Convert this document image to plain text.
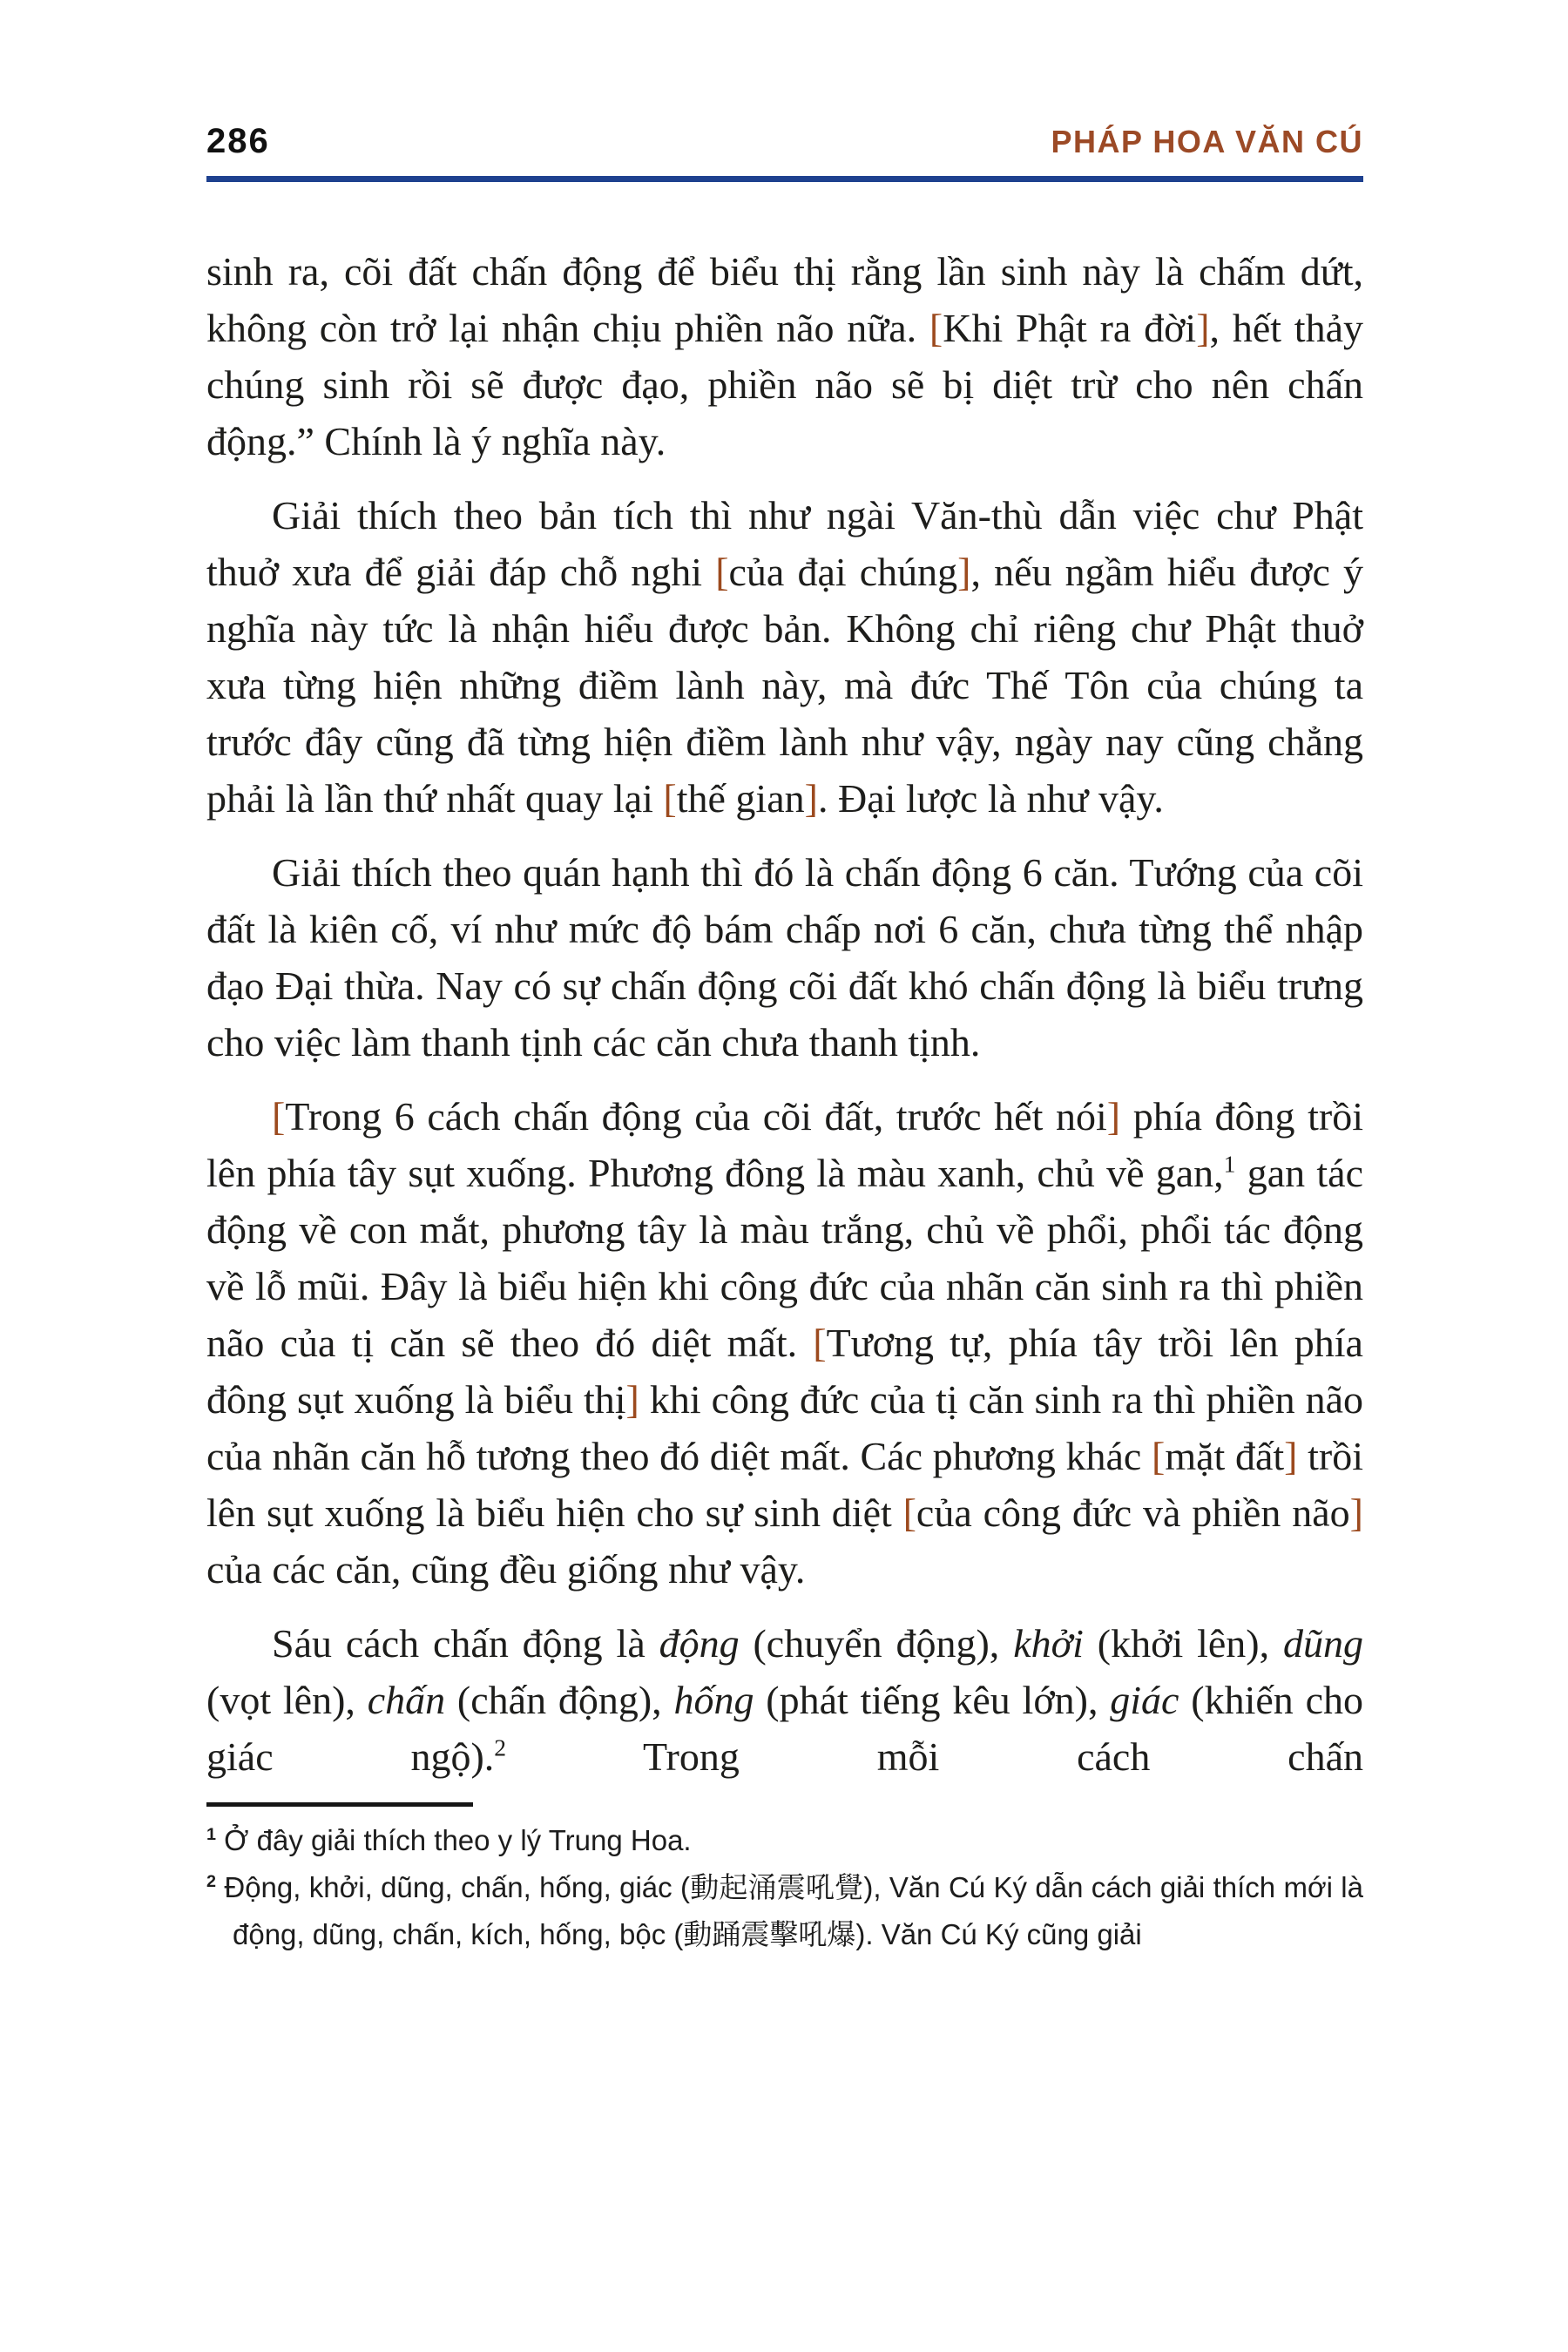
286	PHÁP HOA VĂN CÚ

sinh ra, cõi đất chấn động để biểu thị rằng lần sinh này là chấm dứt, không còn trở lại nhận chịu phiền não nữa. [Khi Phật ra đời], hết thảy chúng sinh rồi sẽ được đạo, phiền não sẽ bị diệt trừ cho nên chấn động.” Chính là ý nghĩa này.

Giải thích theo bản tích thì như ngài Văn-thù dẫn việc chư Phật thuở xưa để giải đáp chỗ nghi [của đại chúng], nếu ngầm hiểu được ý nghĩa này tức là nhận hiểu được bản. Không chỉ riêng chư Phật thuở xưa từng hiện những điềm lành này, mà đức Thế Tôn của chúng ta trước đây cũng đã từng hiện điềm lành như vậy, ngày nay cũng chẳng phải là lần thứ nhất quay lại [thế gian]. Đại lược là như vậy.

Giải thích theo quán hạnh thì đó là chấn động 6 căn. Tướng của cõi đất là kiên cố, ví như mức độ bám chấp nơi 6 căn, chưa từng thể nhập đạo Đại thừa. Nay có sự chấn động cõi đất khó chấn động là biểu trưng cho việc làm thanh tịnh các căn chưa thanh tịnh.

[Trong 6 cách chấn động của cõi đất, trước hết nói] phía đông trồi lên phía tây sụt xuống. Phương đông là màu xanh, chủ về gan,$^1$ gan tác động về con mắt, phương tây là màu trắng, chủ về phổi, phổi tác động về lỗ mũi. Đây là biểu hiện khi công đức của nhãn căn sinh ra thì phiền não của tị căn sẽ theo đó diệt mất. [Tương tự, phía tây trồi lên phía đông sụt xuống là biểu thị] khi công đức của tị căn sinh ra thì phiền não của nhãn căn hỗ tương theo đó diệt mất. Các phương khác [mặt đất] trồi lên sụt xuống là biểu hiện cho sự sinh diệt [của công đức và phiền não] của các căn, cũng đều giống như vậy.

Sáu cách chấn động là động (chuyển động), khởi (khởi lên), dũng (vọt lên), chấn (chấn động), hống (phát tiếng kêu lớn), giác (khiến cho giác ngộ).$^2$ Trong mỗi cách chấn

$^1$ Ở đây giải thích theo y lý Trung Hoa.

$^2$ Động, khởi, dũng, chấn, hống, giác (動起涌震吼覺), Văn Cú Ký dẫn cách giải thích mới là động, dũng, chấn, kích, hống, bộc (動踊震擊吼爆). Văn Cú Ký cũng giải
